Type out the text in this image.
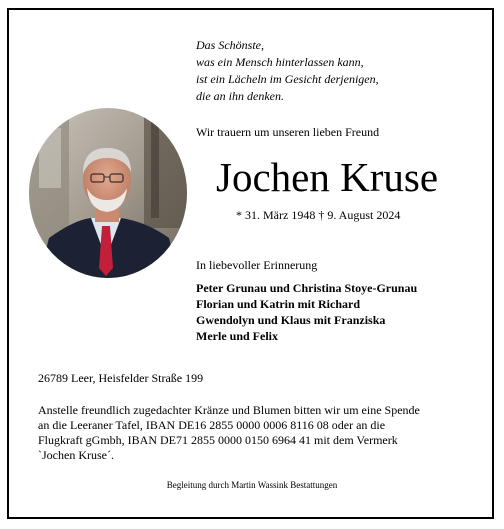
Das Schönste,
was ein Mensch hinterlassen kann,
ist ein Lächeln im Gesicht derjenigen,
die an ihn denken.
Wir trauern um unseren lieben Freund
Jochen Kruse
* 31. März 1948 † 9. August 2024
In liebevoller Erinnerung
Peter Grunau und Christina Stoye-Grunau
Florian und Katrin mit Richard
Gwendolyn und Klaus mit Franziska
Merle und Felix
26789 Leer, Heisfelder Straße 199
Anstelle freundlich zugedachter Kränze und Blumen bitten wir um eine Spende
an die Leeraner Tafel, IBAN DE16 2855 0000 0006 8116 08 oder an die
Flugkraft gGmbh, IBAN DE71 2855 0000 0150 6964 41 mit dem Vermerk
`Jochen Kruse´.
Begleitung durch Martin Wassink Bestattungen
